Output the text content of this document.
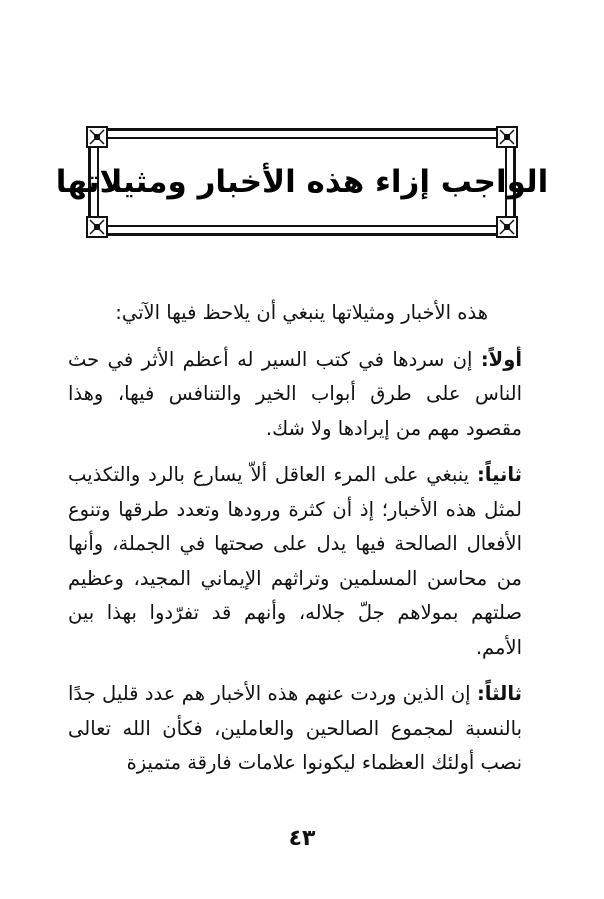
الواجب إزاء هذه الأخبار ومثيلاتها

هذه الأخبار ومثيلاتها ينبغي أن يلاحظ فيها الآتي:

أولاً: إن سردها في كتب السير له أعظم الأثر في حث الناس على طرق أبواب الخير والتنافس فيها، وهذا مقصود مهم من إيرادها ولا شك.

ثانياً: ينبغي على المرء العاقل ألاّ يسارع بالرد والتكذيب لمثل هذه الأخبار؛ إذ أن كثرة ورودها وتعدد طرقها وتنوع الأفعال الصالحة فيها يدل على صحتها في الجملة، وأنها من محاسن المسلمين وتراثهم الإيماني المجيد، وعظيم صلتهم بمولاهم جلّ جلاله، وأنهم قد تفرّدوا بهذا بين الأمم.

ثالثاً: إن الذين وردت عنهم هذه الأخبار هم عدد قليل جدًا بالنسبة لمجموع الصالحين والعاملين، فكأن الله تعالى نصب أولئك العظماء ليكونوا علامات فارقة متميزة

٤٣
